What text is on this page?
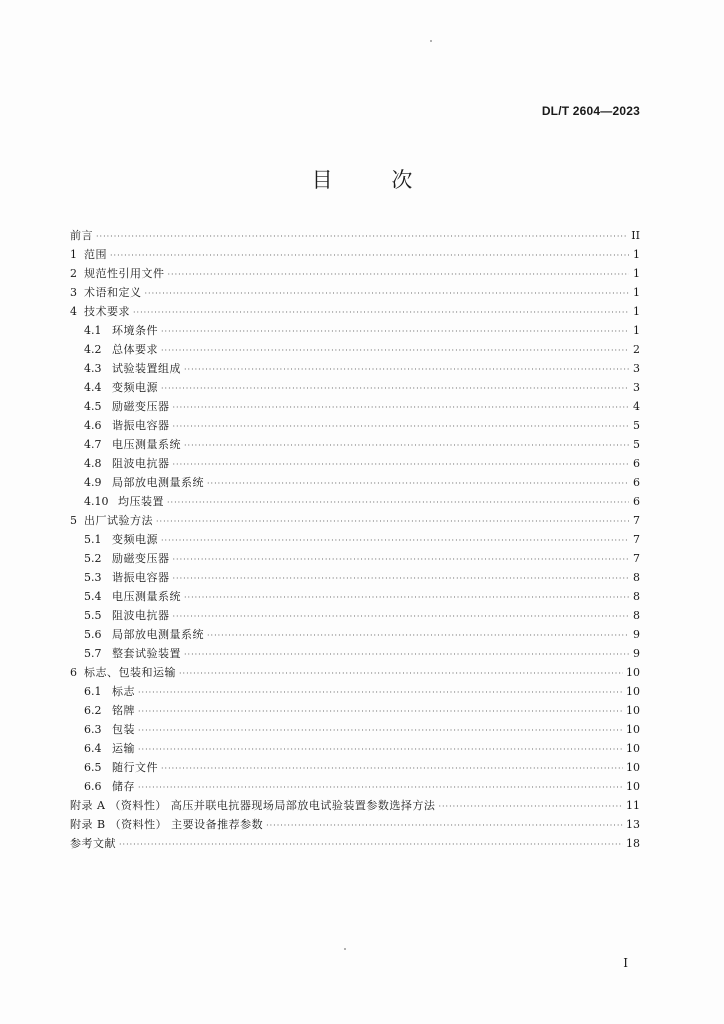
DL/T 2604—2023
目 次
前言 ·····	II
1 范围 ·····	1
2 规范性引用文件 ·····	1
3 术语和定义 ·····	1
4 技术要求 ·····	1
4.1 环境条件 ·····	1
4.2 总体要求 ·····	2
4.3 试验装置组成 ·····	3
4.4 变频电源 ·····	3
4.5 励磁变压器 ·····	4
4.6 谐振电容器 ·····	5
4.7 电压测量系统 ·····	5
4.8 阻波电抗器 ·····	6
4.9 局部放电测量系统 ·····	6
4.10 均压装置 ·····	6
5 出厂试验方法 ·····	7
5.1 变频电源 ·····	7
5.2 励磁变压器 ·····	7
5.3 谐振电容器 ·····	8
5.4 电压测量系统 ·····	8
5.5 阻波电抗器 ·····	8
5.6 局部放电测量系统 ·····	9
5.7 整套试验装置 ·····	9
6 标志、包装和运输 ·····	10
6.1 标志 ·····	10
6.2 铭牌 ·····	10
6.3 包装 ·····	10
6.4 运输 ·····	10
6.5 随行文件 ·····	10
6.6 储存 ·····	10
附录 A （资料性） 高压并联电抗器现场局部放电试验装置参数选择方法 ·····	11
附录 B （资料性） 主要设备推荐参数 ·····	13
参考文献 ·····	18
I
